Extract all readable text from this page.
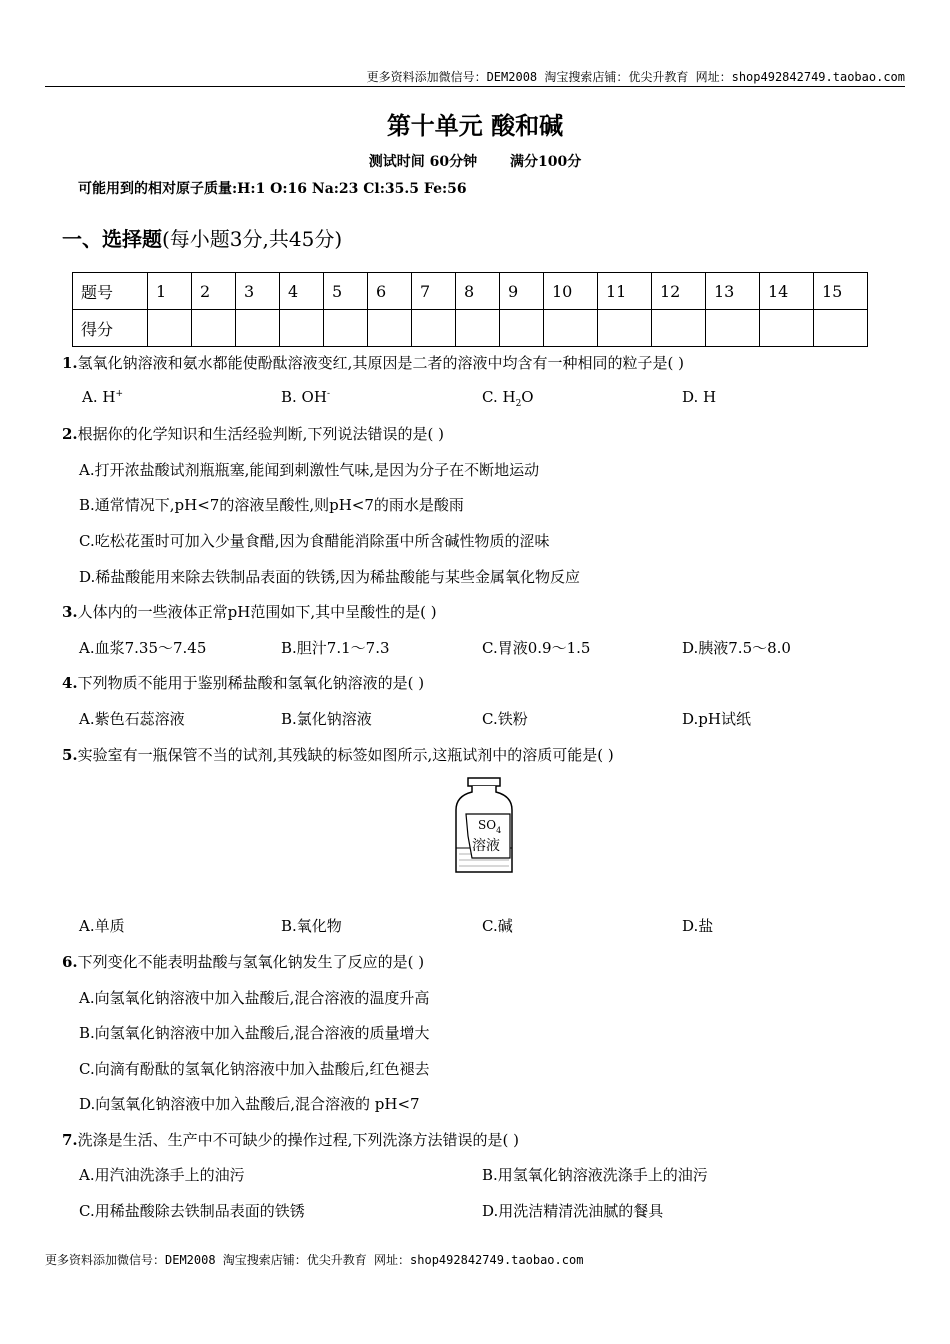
更多资料添加微信号：DEM2008 淘宝搜索店铺：优尖升教育 网址：shop492842749.taobao.com
第十单元 酸和碱
测试时间 60分钟 满分100分
可能用到的相对原子质量:H:1 O:16 Na:23 Cl:35.5 Fe:56
一、选择题(每小题3分,共45分)
题号	1	2	3	4	5	6	7	8	9	10	11	12	13	14	15
得分															
1.氢氧化钠溶液和氨水都能使酚酞溶液变红,其原因是二者的溶液中均含有一种相同的粒子是( )
A. H+	B. OH-	C. $H_2O$	D. H
2.根据你的化学知识和生活经验判断,下列说法错误的是( )
A.打开浓盐酸试剂瓶瓶塞,能闻到刺激性气味,是因为分子在不断地运动
B.通常情况下,pH<7的溶液呈酸性,则pH<7的雨水是酸雨
C.吃松花蛋时可加入少量食醋,因为食醋能消除蛋中所含碱性物质的涩味
D.稀盐酸能用来除去铁制品表面的铁锈,因为稀盐酸能与某些金属氧化物反应
3.人体内的一些液体正常pH范围如下,其中呈酸性的是( )
A.血浆7.35～7.45	B.胆汁7.1～7.3	C.胃液0.9～1.5	D.胰液7.5～8.0
4.下列物质不能用于鉴别稀盐酸和氢氧化钠溶液的是( )
A.紫色石蕊溶液	B.氯化钠溶液	C.铁粉	D.pH试纸
5.实验室有一瓶保管不当的试剂,其残缺的标签如图所示,这瓶试剂中的溶质可能是( )
$SO_4$
溶液
A.单质	B.氧化物	C.碱	D.盐
6.下列变化不能表明盐酸与氢氧化钠发生了反应的是( )
A.向氢氧化钠溶液中加入盐酸后,混合溶液的温度升高
B.向氢氧化钠溶液中加入盐酸后,混合溶液的质量增大
C.向滴有酚酞的氢氧化钠溶液中加入盐酸后,红色褪去
D.向氢氧化钠溶液中加入盐酸后,混合溶液的 pH<7
7.洗涤是生活、生产中不可缺少的操作过程,下列洗涤方法错误的是( )
A.用汽油洗涤手上的油污	B.用氢氧化钠溶液洗涤手上的油污
C.用稀盐酸除去铁制品表面的铁锈	D.用洗洁精清洗油腻的餐具
更多资料添加微信号：DEM2008 淘宝搜索店铺：优尖升教育 网址：shop492842749.taobao.com
